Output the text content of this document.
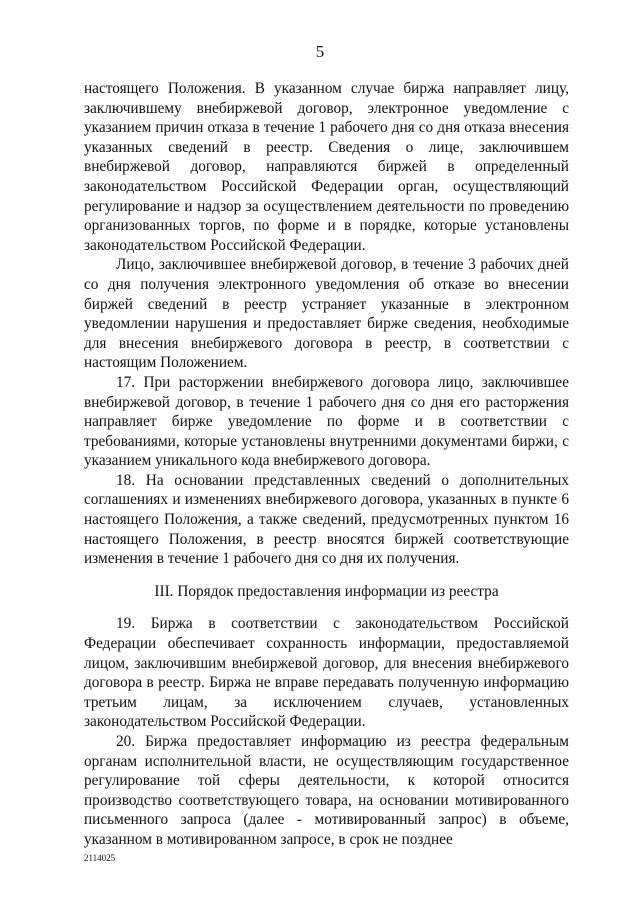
5

настоящего Положения. В указанном случае биржа направляет лицу, заключившему внебиржевой договор, электронное уведомление с указанием причин отказа в течение 1 рабочего дня со дня отказа внесения указанных сведений в реестр. Сведения о лице, заключившем внебиржевой договор, направляются биржей в определенный законодательством Российской Федерации орган, осуществляющий регулирование и надзор за осуществлением деятельности по проведению организованных торгов, по форме и в порядке, которые установлены законодательством Российской Федерации.

Лицо, заключившее внебиржевой договор, в течение 3 рабочих дней со дня получения электронного уведомления об отказе во внесении биржей сведений в реестр устраняет указанные в электронном уведомлении нарушения и предоставляет бирже сведения, необходимые для внесения внебиржевого договора в реестр, в соответствии с настоящим Положением.

17. При расторжении внебиржевого договора лицо, заключившее внебиржевой договор, в течение 1 рабочего дня со дня его расторжения направляет бирже уведомление по форме и в соответствии с требованиями, которые установлены внутренними документами биржи, с указанием уникального кода внебиржевого договора.

18. На основании представленных сведений о дополнительных соглашениях и изменениях внебиржевого договора, указанных в пункте 6 настоящего Положения, а также сведений, предусмотренных пунктом 16 настоящего Положения, в реестр вносятся биржей соответствующие изменения в течение 1 рабочего дня со дня их получения.

III. Порядок предоставления информации из реестра

19. Биржа в соответствии с законодательством Российской Федерации обеспечивает сохранность информации, предоставляемой лицом, заключившим внебиржевой договор, для внесения внебиржевого договора в реестр. Биржа не вправе передавать полученную информацию третьим лицам, за исключением случаев, установленных законодательством Российской Федерации.

20. Биржа предоставляет информацию из реестра федеральным органам исполнительной власти, не осуществляющим государственное регулирование той сферы деятельности, к которой относится производство соответствующего товара, на основании мотивированного письменного запроса (далее - мотивированный запрос) в объеме, указанном в мотивированном запросе, в срок не позднее

2114025
